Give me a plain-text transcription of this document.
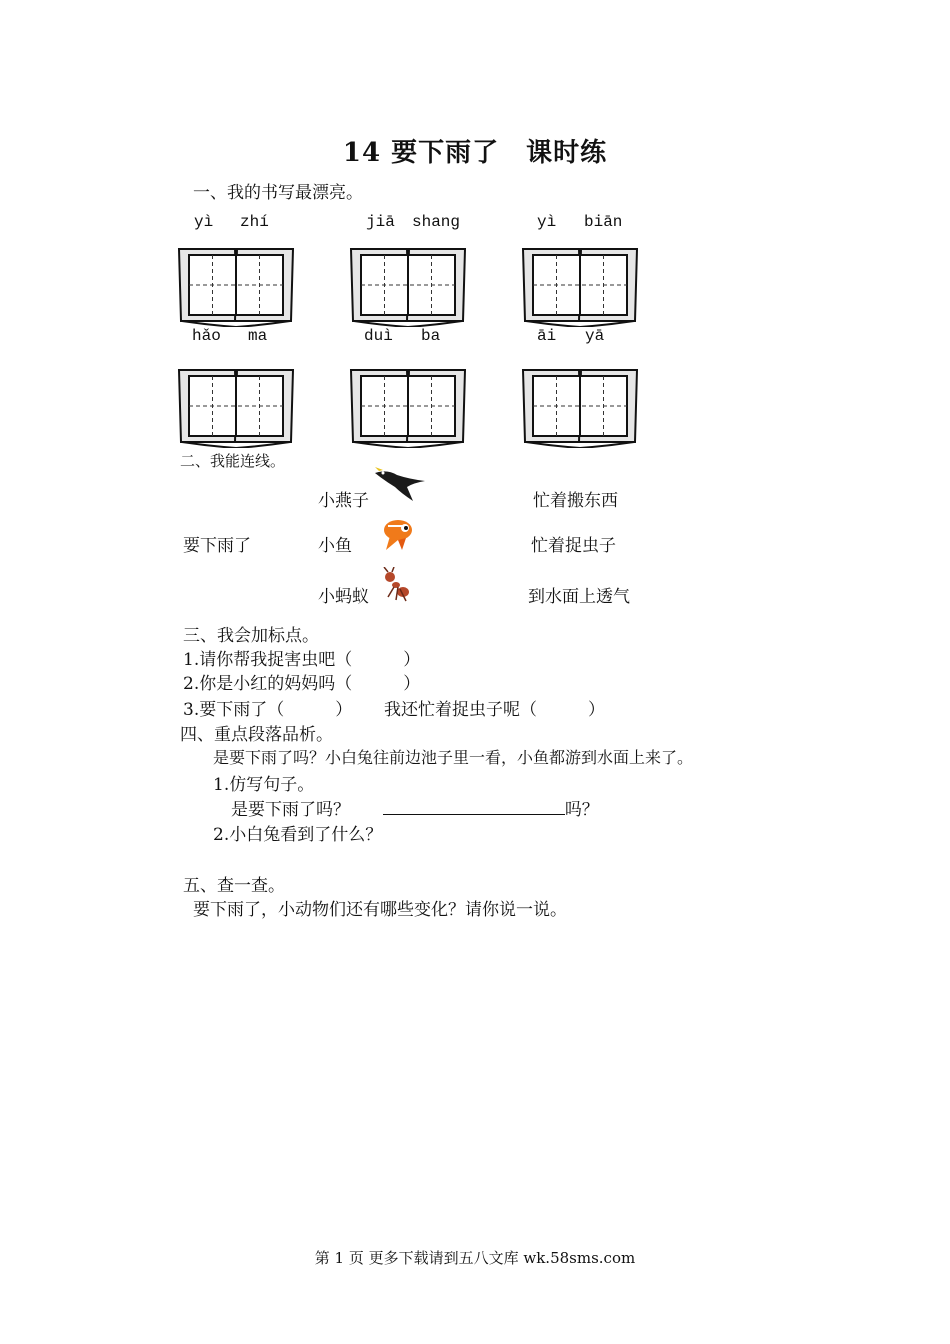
14 要下雨了　课时练
一、我的书写最漂亮。
yì zhí	jiā shang	yì biān
hǎo ma	duì ba	āi yā
二、我能连线。
要下雨了
小燕子
小鱼
小蚂蚁
忙着搬东西
忙着捉虫子
到水面上透气
三、我会加标点。
1.请你帮我捉害虫吧（　　　）
2.你是小红的妈妈吗（　　　）
3.要下雨了（　　　） 我还忙着捉虫子呢（　　　）
四、重点段落品析。
是要下雨了吗？小白兔往前边池子里一看，小鱼都游到水面上来了。
1.仿写句子。
是要下雨了吗？	吗？
2.小白兔看到了什么？
五、查一查。
要下雨了，小动物们还有哪些变化？请你说一说。
第 1 页 更多下载请到五八文库 wk.58sms.com
